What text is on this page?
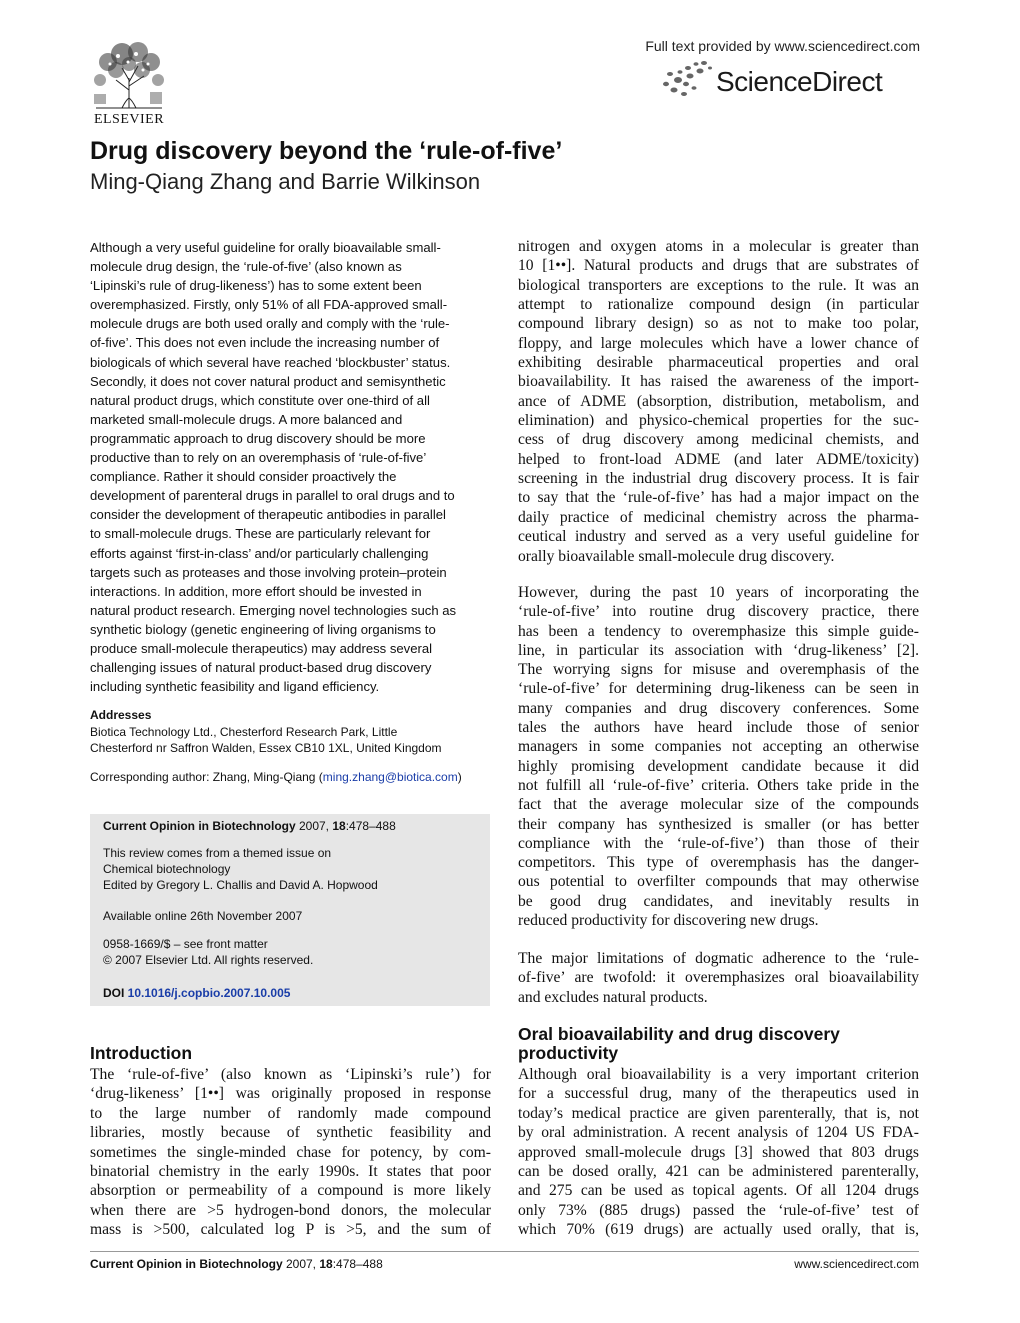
ELSEVIER
Full text provided by www.sciencedirect.com
ScienceDirect
Drug discovery beyond the ‘rule-of-five’
Ming-Qiang Zhang and Barrie Wilkinson
Although a very useful guideline for orally bioavailable small-
molecule drug design, the ‘rule-of-five’ (also known as
‘Lipinski’s rule of drug-likeness’) has to some extent been
overemphasized. Firstly, only 51% of all FDA-approved small-
molecule drugs are both used orally and comply with the ‘rule-
of-five’. This does not even include the increasing number of
biologicals of which several have reached ‘blockbuster’ status.
Secondly, it does not cover natural product and semisynthetic
natural product drugs, which constitute over one-third of all
marketed small-molecule drugs. A more balanced and
programmatic approach to drug discovery should be more
productive than to rely on an overemphasis of ‘rule-of-five’
compliance. Rather it should consider proactively the
development of parenteral drugs in parallel to oral drugs and to
consider the development of therapeutic antibodies in parallel
to small-molecule drugs. These are particularly relevant for
efforts against ‘first-in-class’ and/or particularly challenging
targets such as proteases and those involving protein–protein
interactions. In addition, more effort should be invested in
natural product research. Emerging novel technologies such as
synthetic biology (genetic engineering of living organisms to
produce small-molecule therapeutics) may address several
challenging issues of natural product-based drug discovery
including synthetic feasibility and ligand efficiency.
Addresses
Biotica Technology Ltd., Chesterford Research Park, Little
Chesterford nr Saffron Walden, Essex CB10 1XL, United Kingdom
Corresponding author: Zhang, Ming-Qiang (ming.zhang@biotica.com)
Current Opinion in Biotechnology 2007, 18:478–488
This review comes from a themed issue on
Chemical biotechnology
Edited by Gregory L. Challis and David A. Hopwood
Available online 26th November 2007
0958-1669/$ – see front matter
© 2007 Elsevier Ltd. All rights reserved.
DOI 10.1016/j.copbio.2007.10.005
Introduction
The ‘rule-of-five’ (also known as ‘Lipinski’s rule’) for
‘drug-likeness’ [1••] was originally proposed in response
to the large number of randomly made compound
libraries, mostly because of synthetic feasibility and
sometimes the single-minded chase for potency, by com-
binatorial chemistry in the early 1990s. It states that poor
absorption or permeability of a compound is more likely
when there are >5 hydrogen-bond donors, the molecular
mass is >500, calculated log P is >5, and the sum of
nitrogen and oxygen atoms in a molecular is greater than
10 [1••]. Natural products and drugs that are substrates of
biological transporters are exceptions to the rule. It was an
attempt to rationalize compound design (in particular
compound library design) so as not to make too polar,
floppy, and large molecules which have a lower chance of
exhibiting desirable pharmaceutical properties and oral
bioavailability. It has raised the awareness of the import-
ance of ADME (absorption, distribution, metabolism, and
elimination) and physico-chemical properties for the suc-
cess of drug discovery among medicinal chemists, and
helped to front-load ADME (and later ADME/toxicity)
screening in the industrial drug discovery process. It is fair
to say that the ‘rule-of-five’ has had a major impact on the
daily practice of medicinal chemistry across the pharma-
ceutical industry and served as a very useful guideline for
orally bioavailable small-molecule drug discovery.
However, during the past 10 years of incorporating the
‘rule-of-five’ into routine drug discovery practice, there
has been a tendency to overemphasize this simple guide-
line, in particular its association with ‘drug-likeness’ [2].
The worrying signs for misuse and overemphasis of the
‘rule-of-five’ for determining drug-likeness can be seen in
many companies and drug discovery conferences. Some
tales the authors have heard include those of senior
managers in some companies not accepting an otherwise
highly promising development candidate because it did
not fulfill all ‘rule-of-five’ criteria. Others take pride in the
fact that the average molecular size of the compounds
their company has synthesized is smaller (or has better
compliance with the ‘rule-of-five’) than those of their
competitors. This type of overemphasis has the danger-
ous potential to overfilter compounds that may otherwise
be good drug candidates, and inevitably results in
reduced productivity for discovering new drugs.
The major limitations of dogmatic adherence to the ‘rule-
of-five’ are twofold: it overemphasizes oral bioavailability
and excludes natural products.
Oral bioavailability and drug discovery
productivity
Although oral bioavailability is a very important criterion
for a successful drug, many of the therapeutics used in
today’s medical practice are given parenterally, that is, not
by oral administration. A recent analysis of 1204 US FDA-
approved small-molecule drugs [3] showed that 803 drugs
can be dosed orally, 421 can be administered parenterally,
and 275 can be used as topical agents. Of all 1204 drugs
only 73% (885 drugs) passed the ‘rule-of-five’ test of
which 70% (619 drugs) are actually used orally, that is,
Current Opinion in Biotechnology 2007, 18:478–488	www.sciencedirect.com
